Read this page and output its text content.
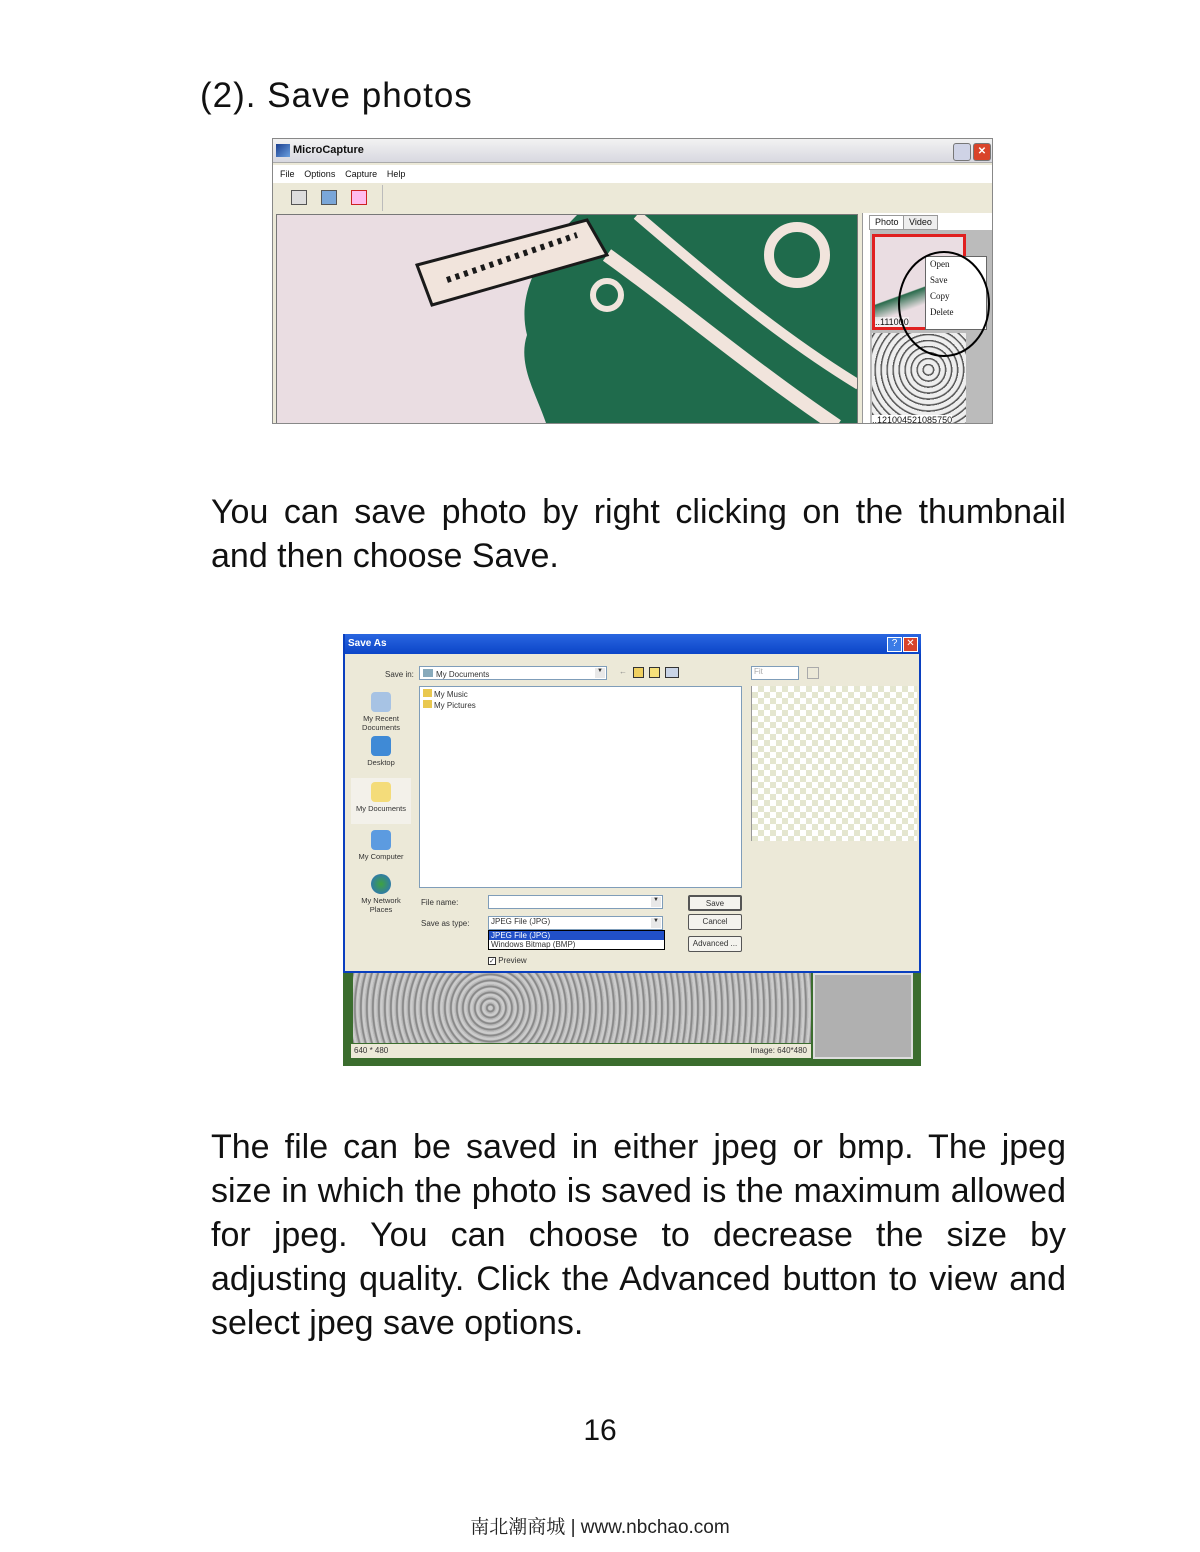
(2). Save photos
MicroCapture	✕
File Options Capture Help
Photo	Video
..111000
..121004521085750
Open
Save
Copy
Delete
You can save photo by right clicking on the thumbnail and then choose Save.
640 * 480	Image: 640*480
Save As	? ✕
Save in:	My Documents	▼ ←	Fit
My Recent Documents
Desktop
My Documents
My Computer
My Network Places
My Music
My Pictures
File name:	▼
Save as type:	JPEG File (JPG)	▼
JPEG File (JPG)
Windows Bitmap (BMP)
✓ Preview
Save
Cancel
Advanced ...
The file can be saved in either jpeg or bmp. The jpeg size in which the photo is saved is the maximum allowed for jpeg. You can choose to decrease the size by adjusting quality. Click the Advanced button to view and select jpeg save options.
16
南北潮商城 | www.nbchao.com
